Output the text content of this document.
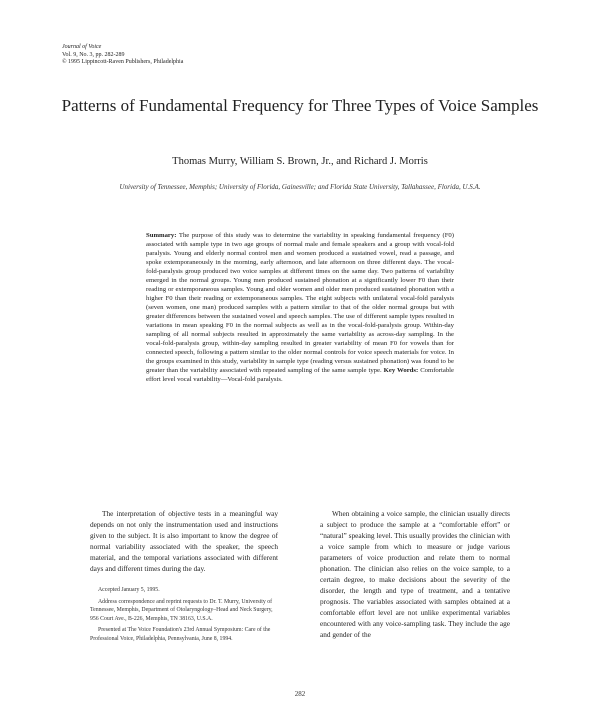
Journal of Voice
Vol. 9, No. 3, pp. 282-289
© 1995 Lippincott-Raven Publishers, Philadelphia
Patterns of Fundamental Frequency for Three Types of Voice Samples
Thomas Murry, William S. Brown, Jr., and Richard J. Morris
University of Tennessee, Memphis; University of Florida, Gainesville; and Florida State University, Tallahassee, Florida, U.S.A.
Summary: The purpose of this study was to determine the variability in speaking fundamental frequency (F0) associated with sample type in two age groups of normal male and female speakers and a group with vocal-fold paralysis. Young and elderly normal control men and women produced a sustained vowel, read a passage, and spoke extemporaneously in the morning, early afternoon, and late afternoon on three different days. The vocal-fold-paralysis group produced two voice samples at different times on the same day. Two patterns of variability emerged in the normal groups. Young men produced sustained phonation at a significantly lower F0 than their reading or extemporaneous samples. Young and older women and older men produced sustained phonation with a higher F0 than their reading or extemporaneous samples. The eight subjects with unilateral vocal-fold paralysis (seven women, one man) produced samples with a pattern similar to that of the older normal groups but with greater differences between the sustained vowel and speech samples. The use of different sample types resulted in variations in mean speaking F0 in the normal subjects as well as in the vocal-fold-paralysis group. Within-day sampling of all normal subjects resulted in approximately the same variability as across-day sampling. In the vocal-fold-paralysis group, within-day sampling resulted in greater variability of mean F0 for vowels than for connected speech, following a pattern similar to the older normal controls for voice speech materials for voice. In the groups examined in this study, variability in sample type (reading versus sustained phonation) was found to be greater than the variability associated with repeated sampling of the same sample type. Key Words: Comfortable effort level vocal variability—Vocal-fold paralysis.

The interpretation of objective tests in a meaningful way depends on not only the instrumentation used and instructions given to the subject. It is also important to know the degree of normal variability associated with the speaker, the speech material, and the temporal variations associated with different days and different times during the day.

Accepted January 5, 1995.

Address correspondence and reprint requests to Dr. T. Murry, University of Tennessee, Memphis, Department of Otolaryngology–Head and Neck Surgery, 956 Court Ave., B-226, Memphis, TN 38163, U.S.A.

Presented at The Voice Foundation's 23rd Annual Symposium: Care of the Professional Voice, Philadelphia, Pennsylvania, June 8, 1994.

When obtaining a voice sample, the clinician usually directs a subject to produce the sample at a “comfortable effort” or “natural” speaking level. This usually provides the clinician with a voice sample from which to measure or judge various parameters of voice production and relate them to normal phonation. The clinician also relies on the voice sample, to a certain degree, to make decisions about the severity of the disorder, the length and type of treatment, and a tentative prognosis. The variables associated with samples obtained at a comfortable effort level are not unlike experimental variables encountered with any voice-sampling task. They include the age and gender of the

282
